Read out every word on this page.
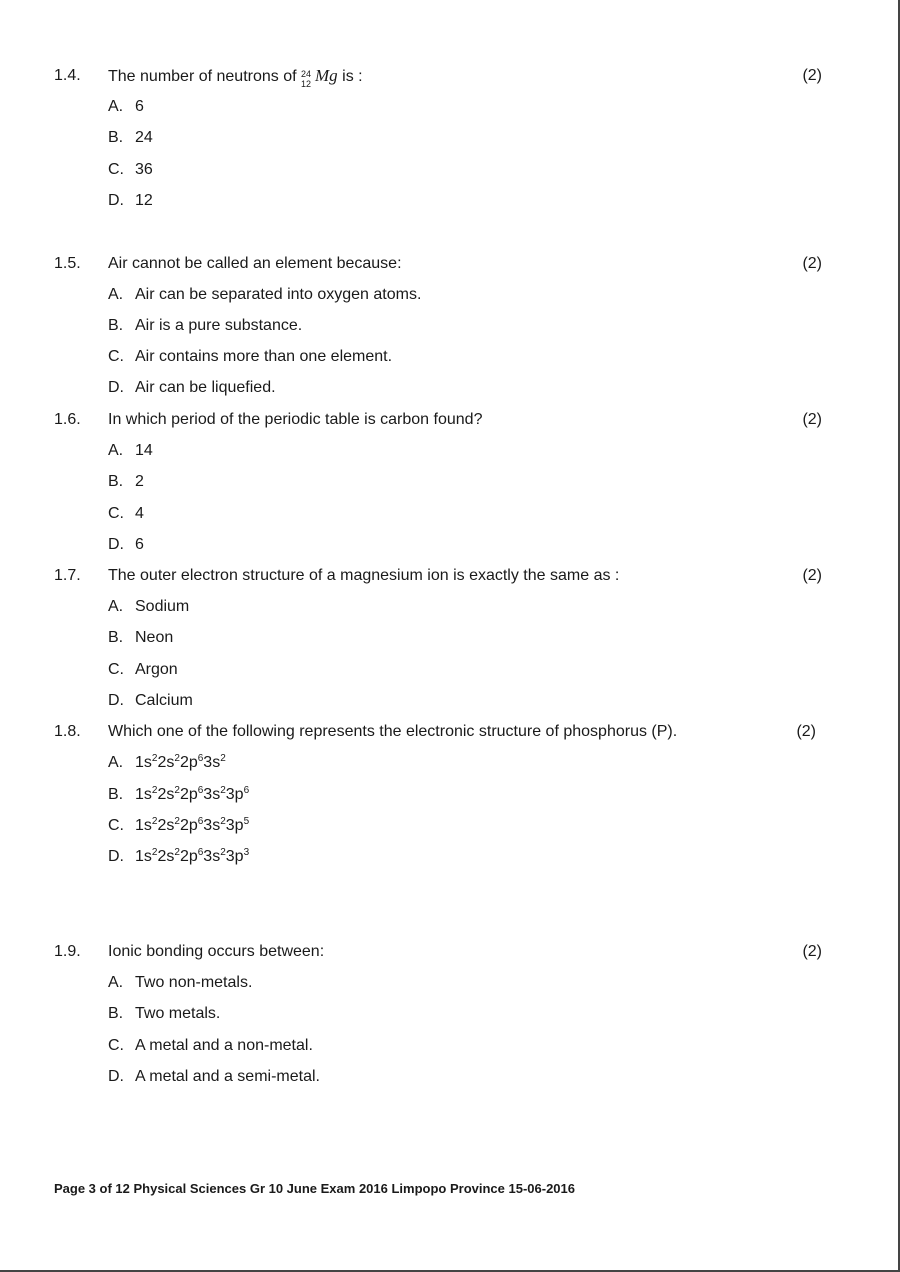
1.4. The number of neutrons of 24
12 Mg is :	(2)
A. 6
B. 24
C. 36
D. 12
1.5. Air cannot be called an element because:	(2)
A. Air can be separated into oxygen atoms.
B. Air is a pure substance.
C. Air contains more than one element.
D. Air can be liquefied.
1.6. In which period of the periodic table is carbon found?	(2)
A. 14
B. 2
C. 4
D. 6
1.7. The outer electron structure of a magnesium ion is exactly the same as :	(2)
A. Sodium
B. Neon
C. Argon
D. Calcium
1.8. Which one of the following represents the electronic structure of phosphorus (P).	(2)
A. $1s^22s^22p^63s^2$
B. $1s^22s^22p^63s^23p^6$
C. $1s^22s^22p^63s^23p^5$
D. $1s^22s^22p^63s^23p^3$
1.9. Ionic bonding occurs between:	(2)
A. Two non-metals.
B. Two metals.
C. A metal and a non-metal.
D. A metal and a semi-metal.
Page 3 of 12 Physical Sciences Gr 10 June Exam 2016 Limpopo Province 15-06-2016
